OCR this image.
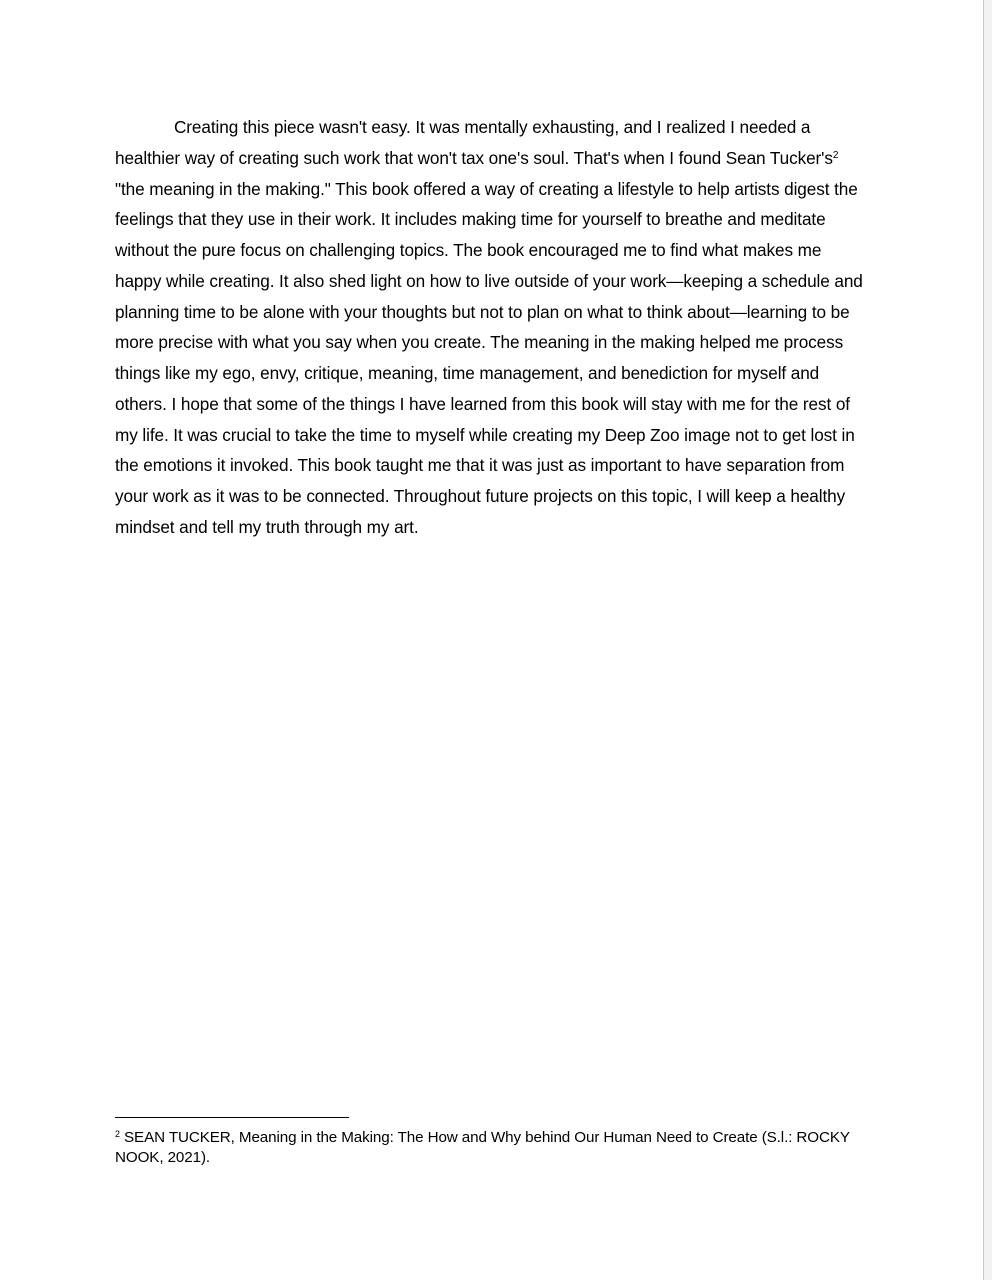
Creating this piece wasn't easy. It was mentally exhausting, and I realized I needed a healthier way of creating such work that won't tax one's soul. That's when I found Sean $Tucker's^2$ "the meaning in the making." This book offered a way of creating a lifestyle to help artists digest the feelings that they use in their work. It includes making time for yourself to breathe and meditate without the pure focus on challenging topics. The book encouraged me to find what makes me happy while creating. It also shed light on how to live outside of your work—keeping a schedule and planning time to be alone with your thoughts but not to plan on what to think about—learning to be more precise with what you say when you create. The meaning in the making helped me process things like my ego, envy, critique, meaning, time management, and benediction for myself and others. I hope that some of the things I have learned from this book will stay with me for the rest of my life. It was crucial to take the time to myself while creating my Deep Zoo image not to get lost in the emotions it invoked. This book taught me that it was just as important to have separation from your work as it was to be connected. Throughout future projects on this topic, I will keep a healthy mindset and tell my truth through my art.

$^2$ SEAN TUCKER, Meaning in the Making: The How and Why behind Our Human Need to Create (S.l.: ROCKY NOOK, 2021).
